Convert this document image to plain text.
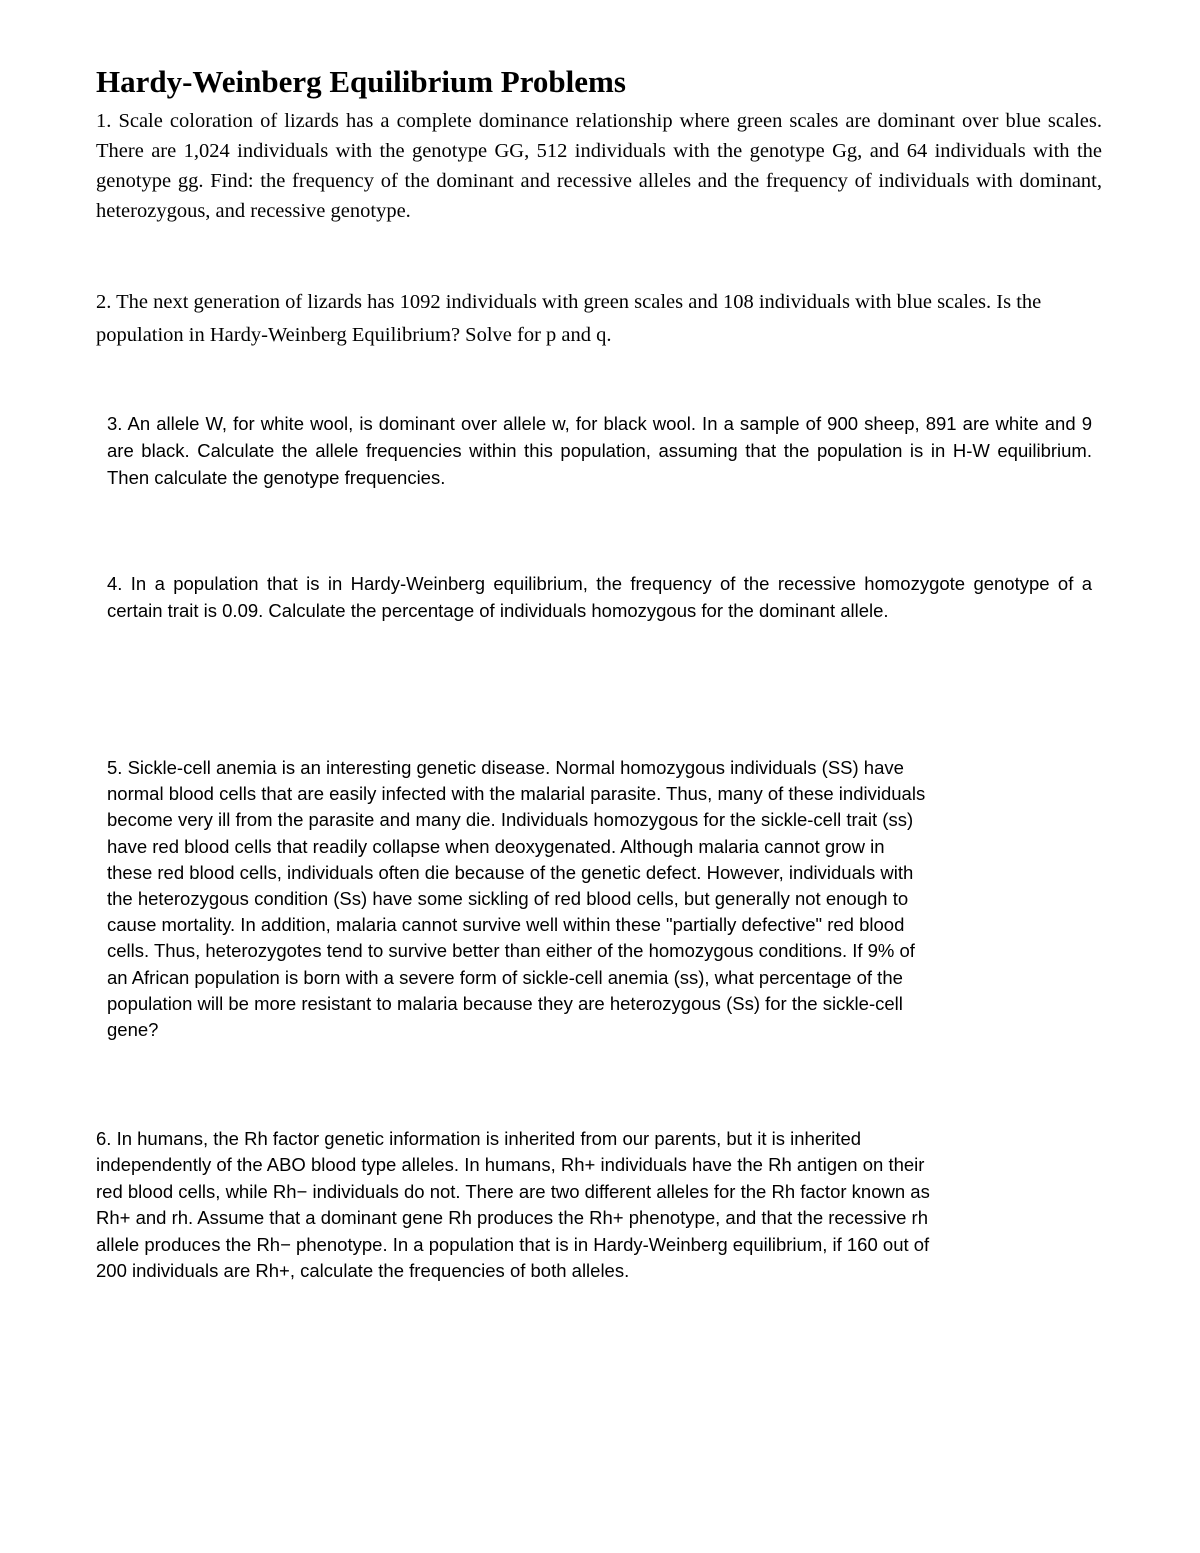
Hardy-Weinberg Equilibrium Problems

1. Scale coloration of lizards has a complete dominance relationship where green scales are dominant over blue scales. There are 1,024 individuals with the genotype GG, 512 individuals with the genotype Gg, and 64 individuals with the genotype gg. Find: the frequency of the dominant and recessive alleles and the frequency of individuals with dominant, heterozygous, and recessive genotype.

2. The next generation of lizards has 1092 individuals with green scales and 108 individuals with blue scales. Is the population in Hardy-Weinberg Equilibrium? Solve for p and q.

3. An allele W, for white wool, is dominant over allele w, for black wool. In a sample of 900 sheep, 891 are white and 9 are black. Calculate the allele frequencies within this population, assuming that the population is in H-W equilibrium. Then calculate the genotype frequencies.

4. In a population that is in Hardy-Weinberg equilibrium, the frequency of the recessive homozygote genotype of a certain trait is 0.09. Calculate the percentage of individuals homozygous for the dominant allele.

5. Sickle-cell anemia is an interesting genetic disease. Normal homozygous individuals (SS) have
normal blood cells that are easily infected with the malarial parasite. Thus, many of these individuals
become very ill from the parasite and many die. Individuals homozygous for the sickle-cell trait (ss)
have red blood cells that readily collapse when deoxygenated. Although malaria cannot grow in
these red blood cells, individuals often die because of the genetic defect. However, individuals with
the heterozygous condition (Ss) have some sickling of red blood cells, but generally not enough to
cause mortality. In addition, malaria cannot survive well within these "partially defective" red blood
cells. Thus, heterozygotes tend to survive better than either of the homozygous conditions. If 9% of
an African population is born with a severe form of sickle-cell anemia (ss), what percentage of the
population will be more resistant to malaria because they are heterozygous (Ss) for the sickle-cell
gene?
6. In humans, the Rh factor genetic information is inherited from our parents, but it is inherited
independently of the ABO blood type alleles. In humans, Rh+ individuals have the Rh antigen on their
red blood cells, while Rh− individuals do not. There are two different alleles for the Rh factor known as
Rh+ and rh. Assume that a dominant gene Rh produces the Rh+ phenotype, and that the recessive rh
allele produces the Rh− phenotype. In a population that is in Hardy-Weinberg equilibrium, if 160 out of
200 individuals are Rh+, calculate the frequencies of both alleles.
